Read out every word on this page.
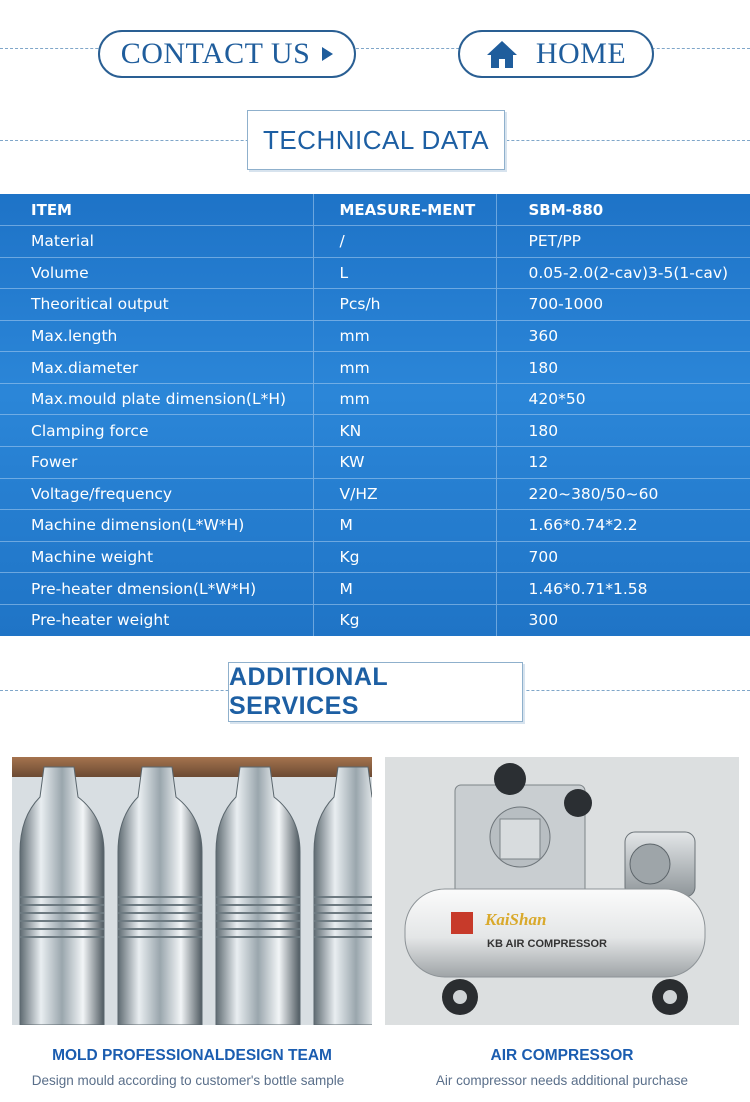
CONTACT US	HOME
TECHNICAL DATA
ITEM	MEASURE-MENT	SBM-880
Material	/	PET/PP
Volume	L	0.05-2.0(2-cav)3-5(1-cav)
Theoritical output	Pcs/h	700-1000
Max.length	mm	360
Max.diameter	mm	180
Max.mould plate dimension(L*H)	mm	420*50
Clamping force	KN	180
Fower	KW	12
Voltage/frequency	V/HZ	220~380/50~60
Machine dimension(L*W*H)	M	1.66*0.74*2.2
Machine weight	Kg	700
Pre-heater dmension(L*W*H)	M	1.46*0.71*1.58
Pre-heater weight	Kg	300
ADDITIONAL SERVICES
KaiShan
KB AIR COMPRESSOR
MOLD PROFESSIONALDESIGN TEAM
Design mould according to customer's bottle sample
AIR COMPRESSOR
Air compressor needs additional purchase
